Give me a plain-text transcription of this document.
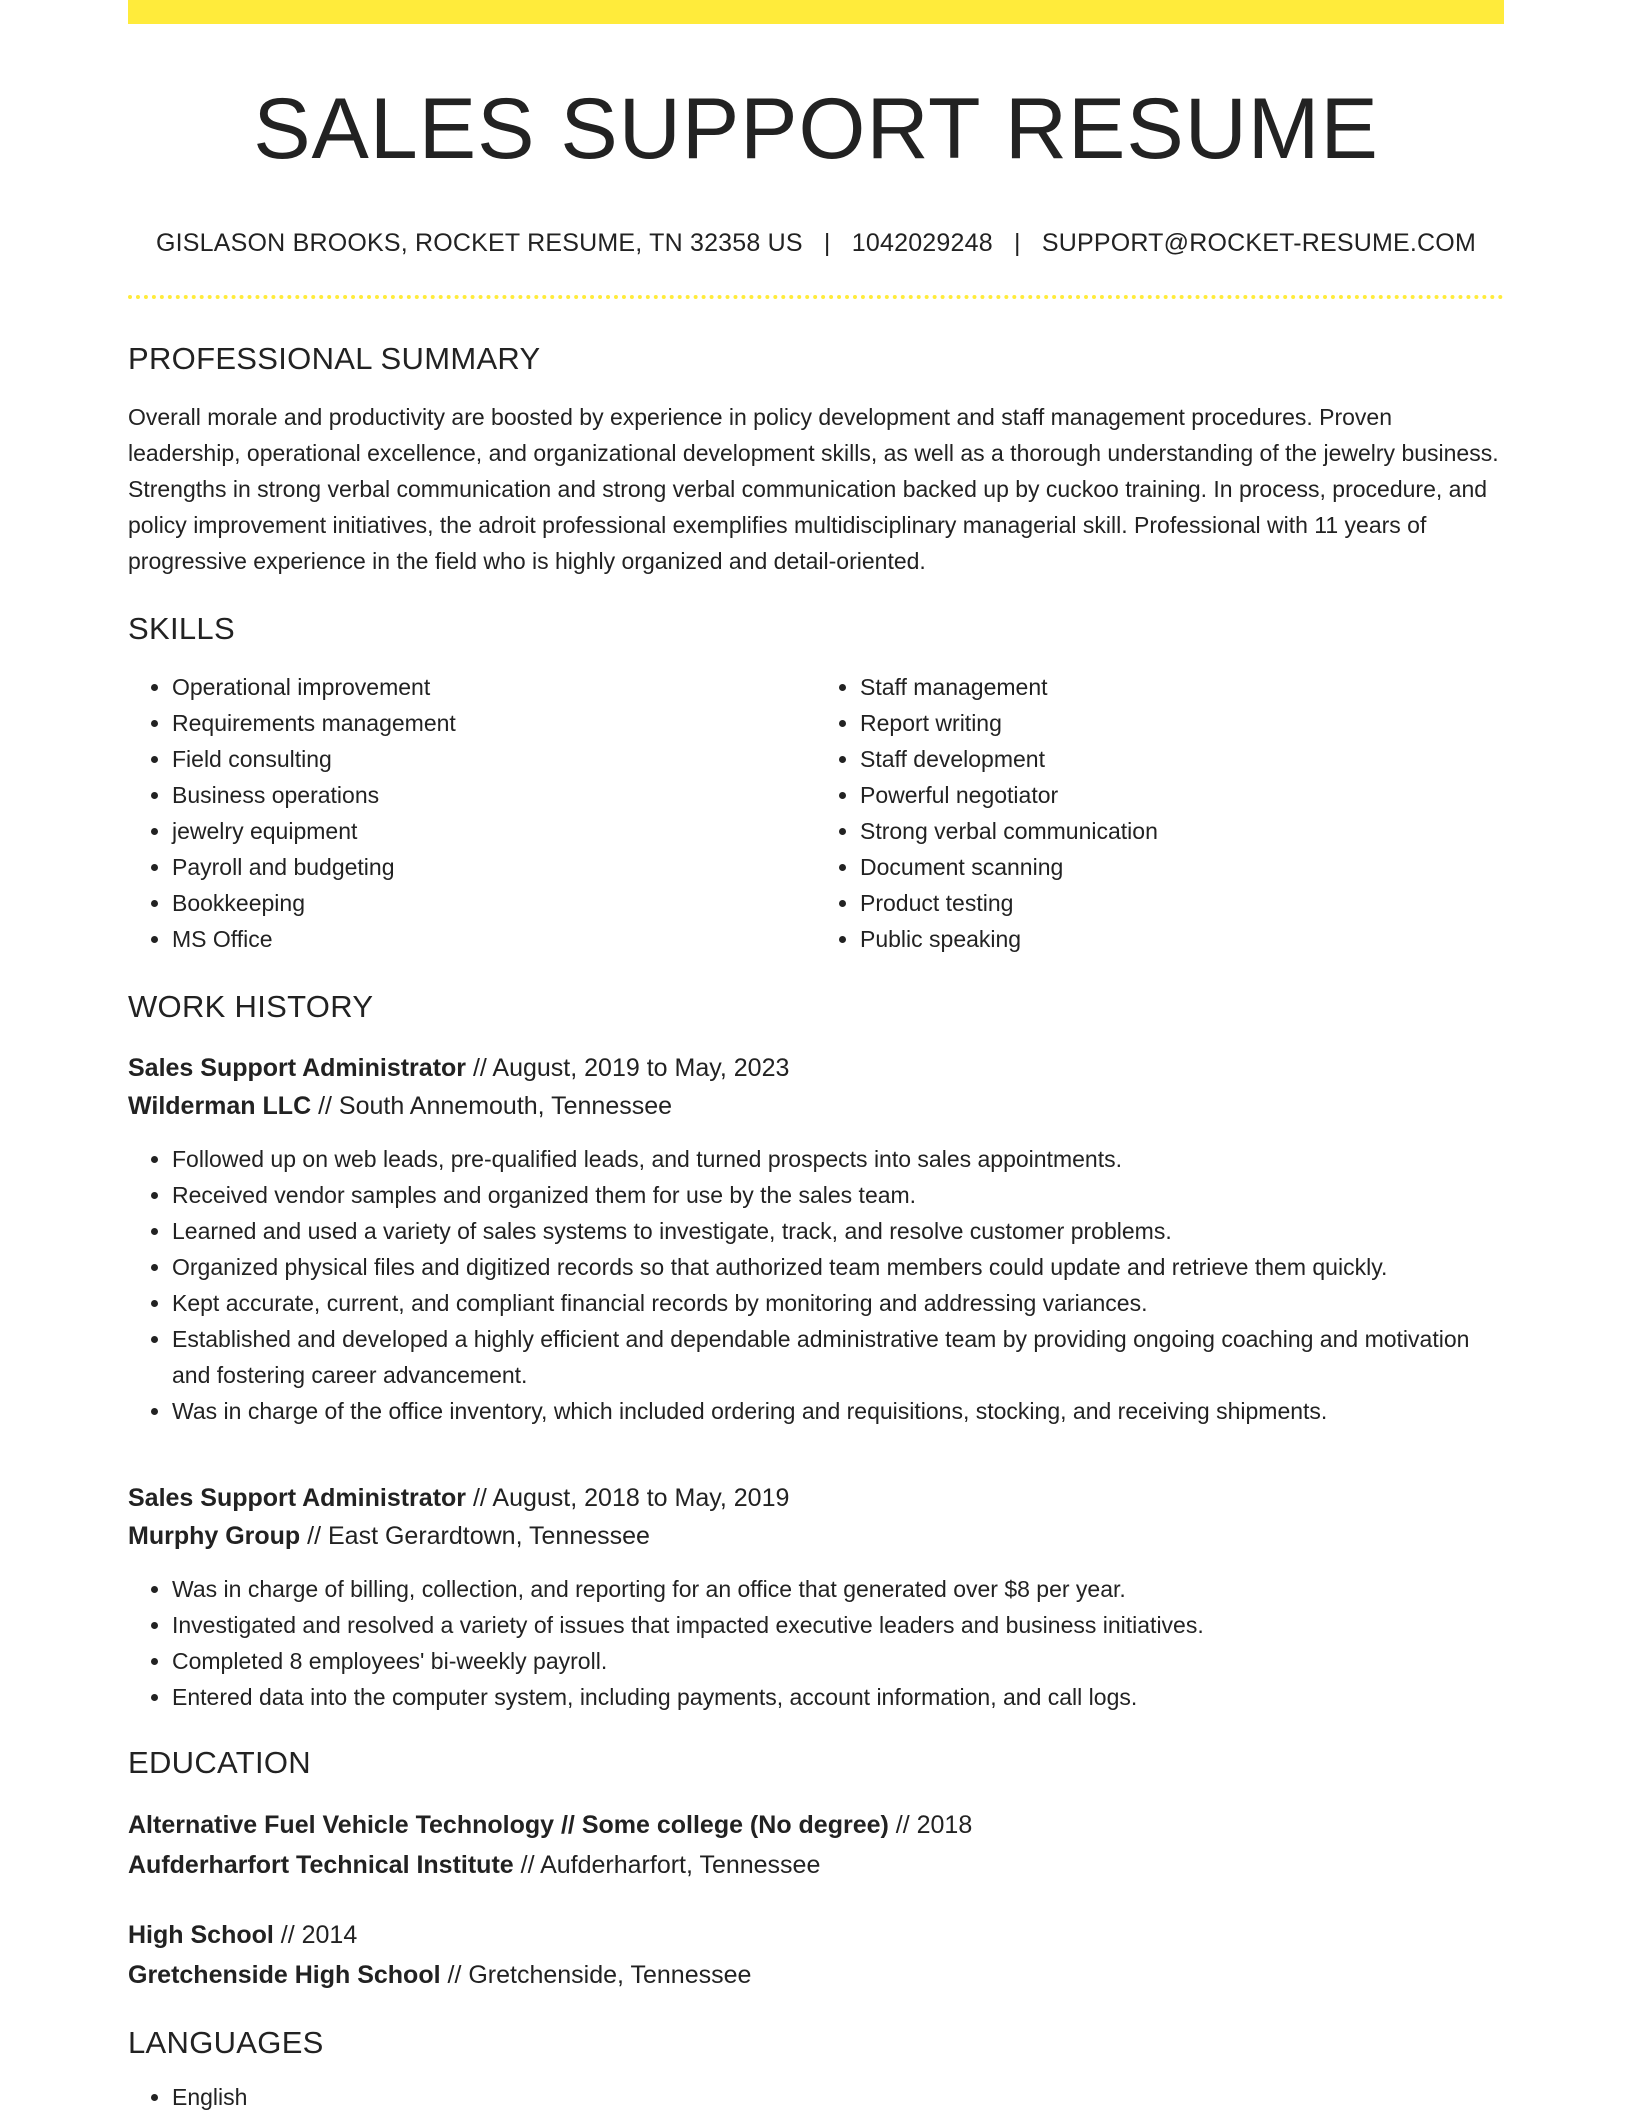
SALES SUPPORT RESUME
GISLASON BROOKS, ROCKET RESUME, TN 32358 US | 1042029248 | SUPPORT@ROCKET-RESUME.COM
PROFESSIONAL SUMMARY

Overall morale and productivity are boosted by experience in policy development and staff management procedures. Proven leadership, operational excellence, and organizational development skills, as well as a thorough understanding of the jewelry business. Strengths in strong verbal communication and strong verbal communication backed up by cuckoo training. In process, procedure, and policy improvement initiatives, the adroit professional exemplifies multidisciplinary managerial skill. Professional with 11 years of progressive experience in the field who is highly organized and detail-oriented.

SKILLS
• Operational improvement
• Requirements management
• Field consulting
• Business operations
• jewelry equipment
• Payroll and budgeting
• Bookkeeping
• MS Office
• Staff management
• Report writing
• Staff development
• Powerful negotiator
• Strong verbal communication
• Document scanning
• Product testing
• Public speaking
WORK HISTORY
Sales Support Administrator // August, 2019 to May, 2023
Wilderman LLC // South Annemouth, Tennessee
• Followed up on web leads, pre-qualified leads, and turned prospects into sales appointments.
• Received vendor samples and organized them for use by the sales team.
• Learned and used a variety of sales systems to investigate, track, and resolve customer problems.
• Organized physical files and digitized records so that authorized team members could update and retrieve them quickly.
• Kept accurate, current, and compliant financial records by monitoring and addressing variances.
• Established and developed a highly efficient and dependable administrative team by providing ongoing coaching and motivation and fostering career advancement.
• Was in charge of the office inventory, which included ordering and requisitions, stocking, and receiving shipments.
Sales Support Administrator // August, 2018 to May, 2019
Murphy Group // East Gerardtown, Tennessee
• Was in charge of billing, collection, and reporting for an office that generated over $8 per year.
• Investigated and resolved a variety of issues that impacted executive leaders and business initiatives.
• Completed 8 employees' bi-weekly payroll.
• Entered data into the computer system, including payments, account information, and call logs.
EDUCATION
Alternative Fuel Vehicle Technology // Some college (No degree) // 2018
Aufderharfort Technical Institute // Aufderharfort, Tennessee
High School // 2014
Gretchenside High School // Gretchenside, Tennessee
LANGUAGES
• English
